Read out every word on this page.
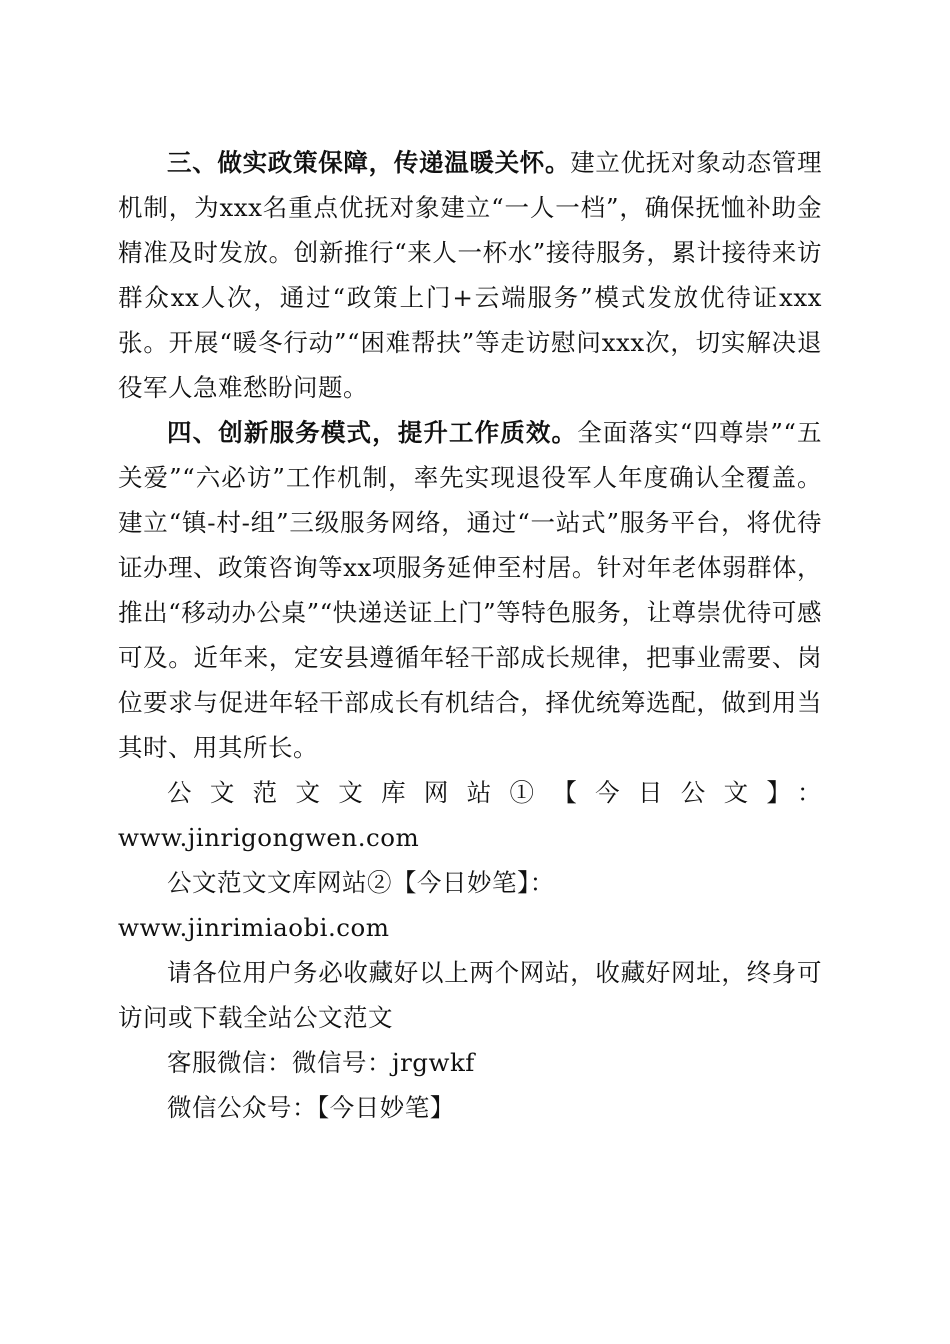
三、做实政策保障，传递温暖关怀。建立优抚对象动态管理机制，为xxx名重点优抚对象建立“一人一档”，确保抚恤补助金精准及时发放。创新推行“来人一杯水”接待服务，累计接待来访群众xx人次，通过“政策上门+云端服务”模式发放优待证xxx张。开展“暖冬行动”“困难帮扶”等走访慰问xxx次，切实解决退役军人急难愁盼问题。

四、创新服务模式，提升工作质效。全面落实“四尊崇”“五关爱”“六必访”工作机制，率先实现退役军人年度确认全覆盖。建立“镇-村-组”三级服务网络，通过“一站式”服务平台，将优待证办理、政策咨询等xx项服务延伸至村居。针对年老体弱群体，推出“移动办公桌”“快递送证上门”等特色服务，让尊崇优待可感可及。近年来，定安县遵循年轻干部成长规律，把事业需要、岗位要求与促进年轻干部成长有机结合，择优统筹选配，做到用当其时、用其所长。

公文范文文库网站①【今日公文】：

www.jinrigongwen.com

公文范文文库网站②【今日妙笔】：www.jinrimiaobi.com

请各位用户务必收藏好以上两个网站，收藏好网址，终身可访问或下载全站公文范文

客服微信：微信号：jrgwkf

微信公众号：【今日妙笔】
